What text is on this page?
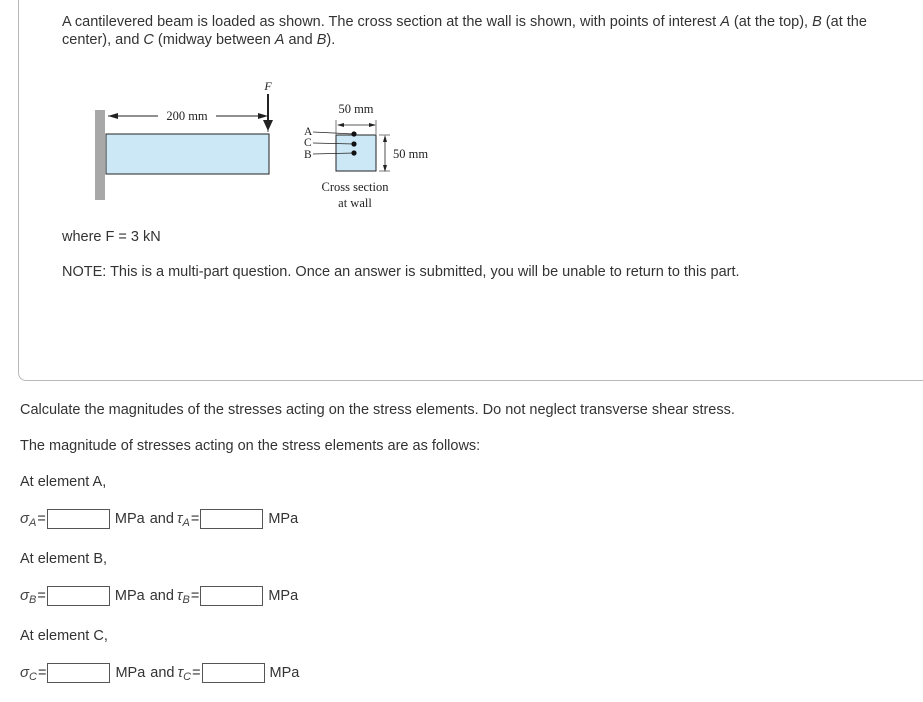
A cantilevered beam is loaded as shown. The cross section at the wall is shown, with points of interest A (at the top), B (at the center), and C (midway between A and B).
200 mm
F
50 mm
50 mm
A
C
B
Cross section
at wall
where F = 3 kN
NOTE: This is a multi-part question. Once an answer is submitted, you will be unable to return to this part.
Calculate the magnitudes of the stresses acting on the stress elements. Do not neglect transverse shear stress.
The magnitude of stresses acting on the stress elements are as follows:
At element A,
$\sigma_A$ =	MPa and $\tau_A$ =	MPa
At element B,
$\sigma_B$ =	MPa and $\tau_B$ =	MPa
At element C,
$\sigma_C$ =	MPa and $\tau_C$ =	MPa
